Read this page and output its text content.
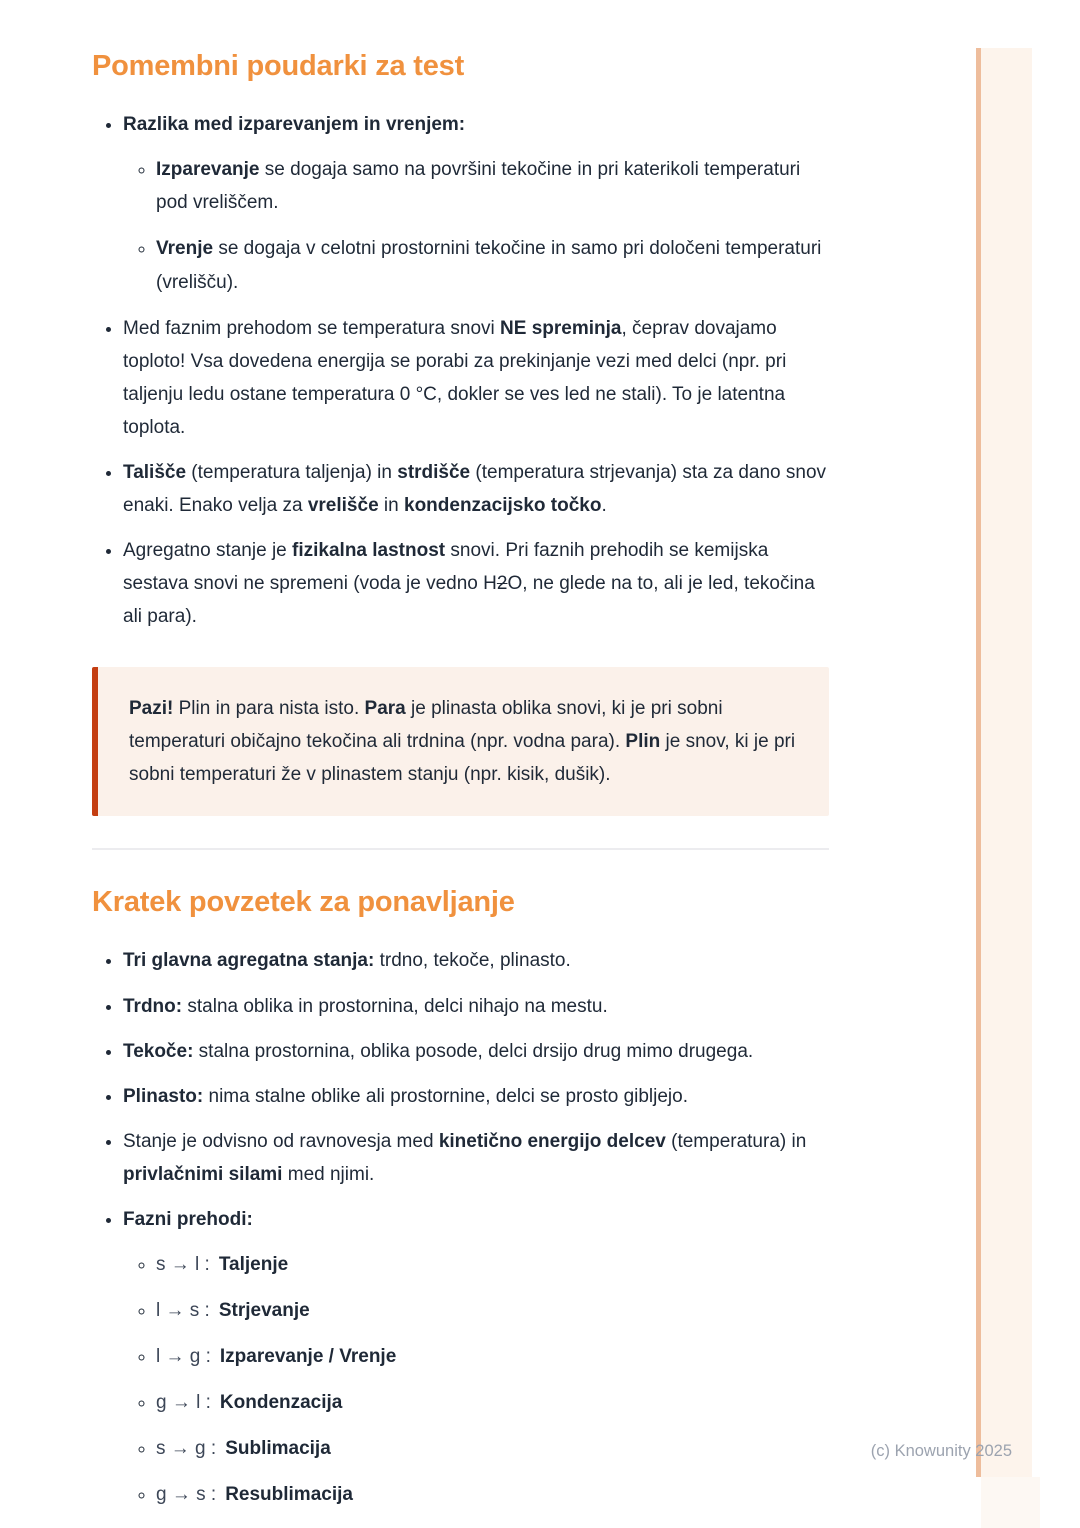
Pomembni poudarki za test
• Razlika med izparevanjem in vrenjem:
◦ Izparevanje se dogaja samo na površini tekočine in pri katerikoli temperaturi pod vreliščem.
◦ Vrenje se dogaja v celotni prostornini tekočine in samo pri določeni temperaturi (vrelišču).
• Med faznim prehodom se temperatura snovi NE spreminja, čeprav dovajamo toploto! Vsa dovedena energija se porabi za prekinjanje vezi med delci (npr. pri taljenju ledu ostane temperatura 0 °C, dokler se ves led ne stali). To je latentna toplota.
• Tališče (temperatura taljenja) in strdišče (temperatura strjevanja) sta za dano snov enaki. Enako velja za vrelišče in kondenzacijsko točko.
• Agregatno stanje je fizikalna lastnost snovi. Pri faznih prehodih se kemijska sestava snovi ne spremeni (voda je vedno H2O, ne glede na to, ali je led, tekočina ali para).
Pazi! Plin in para nista isto. Para je plinasta oblika snovi, ki je pri sobni temperaturi običajno tekočina ali trdnina (npr. vodna para). Plin je snov, ki je pri sobni temperaturi že v plinastem stanju (npr. kisik, dušik).
Kratek povzetek za ponavljanje
• Tri glavna agregatna stanja: trdno, tekoče, plinasto.
• Trdno: stalna oblika in prostornina, delci nihajo na mestu.
• Tekoče: stalna prostornina, oblika posode, delci drsijo drug mimo drugega.
• Plinasto: nima stalne oblike ali prostornine, delci se prosto gibljejo.
• Stanje je odvisno od ravnovesja med kinetično energijo delcev (temperatura) in privlačnimi silami med njimi.
• Fazni prehodi:
◦ s → l : Taljenje
◦ l → s : Strjevanje
◦ l → g : Izparevanje / Vrenje
◦ g → l : Kondenzacija
◦ s → g : Sublimacija
◦ g → s : Resublimacija
(c) Knowunity 2025
